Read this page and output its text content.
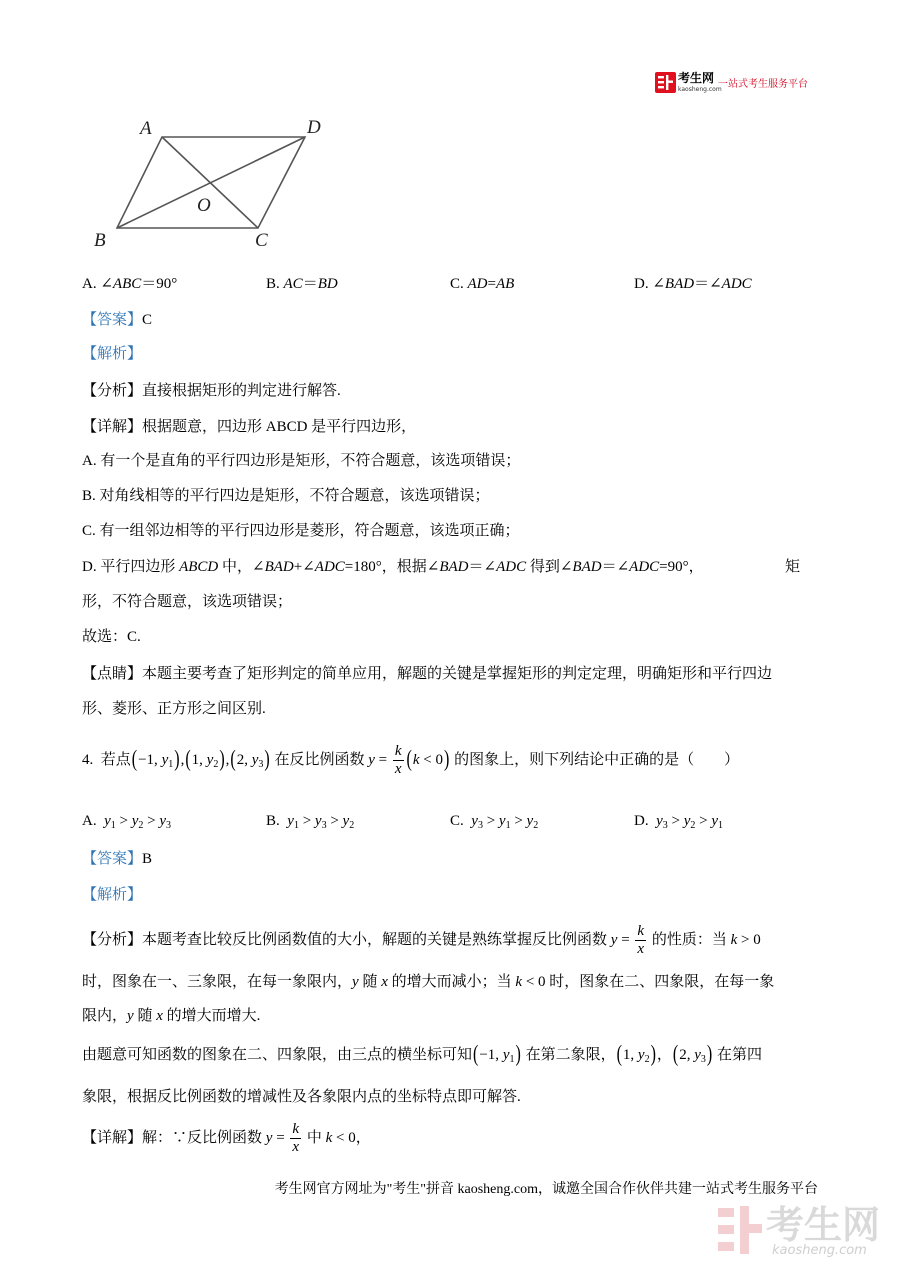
考生网
kaosheng.com
一站式考生服务平台
A	D
B	C
O
A. ∠ABC＝90°	B. AC＝BD	C. AD=AB	D. ∠BAD＝∠ADC
【答案】C
【解析】
【分析】直接根据矩形的判定进行解答.
【详解】根据题意，四边形 ABCD 是平行四边形，
A. 有一个是直角的平行四边形是矩形，不符合题意，该选项错误；
B. 对角线相等的平行四边是矩形，不符合题意，该选项错误；
C. 有一组邻边相等的平行四边形是菱形，符合题意，该选项正确；
D. 平行四边形 ABCD 中，∠BAD+∠ADC=180°，根据∠BAD＝∠ADC 得到∠BAD＝∠ADC=90°，	矩
形，不符合题意，该选项错误；
故选：C.
【点睛】本题主要考查了矩形判定的简单应用，解题的关键是掌握矩形的判定定理，明确矩形和平行四边
形、菱形、正方形之间区别.
4.  若点(−1, $y_1),(1$, $y_2),(2$, $y_3$) 在反比例函数 $y = \frac{k}{x} (k < 0)$ 的图象上，则下列结论中正确的是（　　）
A.  $y_1 > y_2 > y_3$	B.  $y_1 > y_3 > y_2$	C.  $y_3 > y_1 > y_2$	D.  $y_3 > y_2 > y_1$
【答案】B
【解析】
【分析】本题考查比较反比例函数值的大小，解题的关键是熟练掌握反比例函数 $y = \frac{k}{x}$ 的性质：当 k > 0
时，图象在一、三象限，在每一象限内，y 随 x 的增大而减小；当 k < 0 时，图象在二、四象限，在每一象
限内，y 随 x 的增大而增大.
由题意可知函数的图象在二、四象限，由三点的横坐标可知(−1, $y_1$) 在第二象限，(1, $y_2$)，(2, $y_3$) 在第四
象限，根据反比例函数的增减性及各象限内点的坐标特点即可解答.
【详解】解：∵反比例函数 $y = \frac{k}{x}$ 中 k < 0，
考生网官方网址为"考生"拼音 kaosheng.com，诚邀全国合作伙伴共建一站式考生服务平台
考生网
kaosheng.com
